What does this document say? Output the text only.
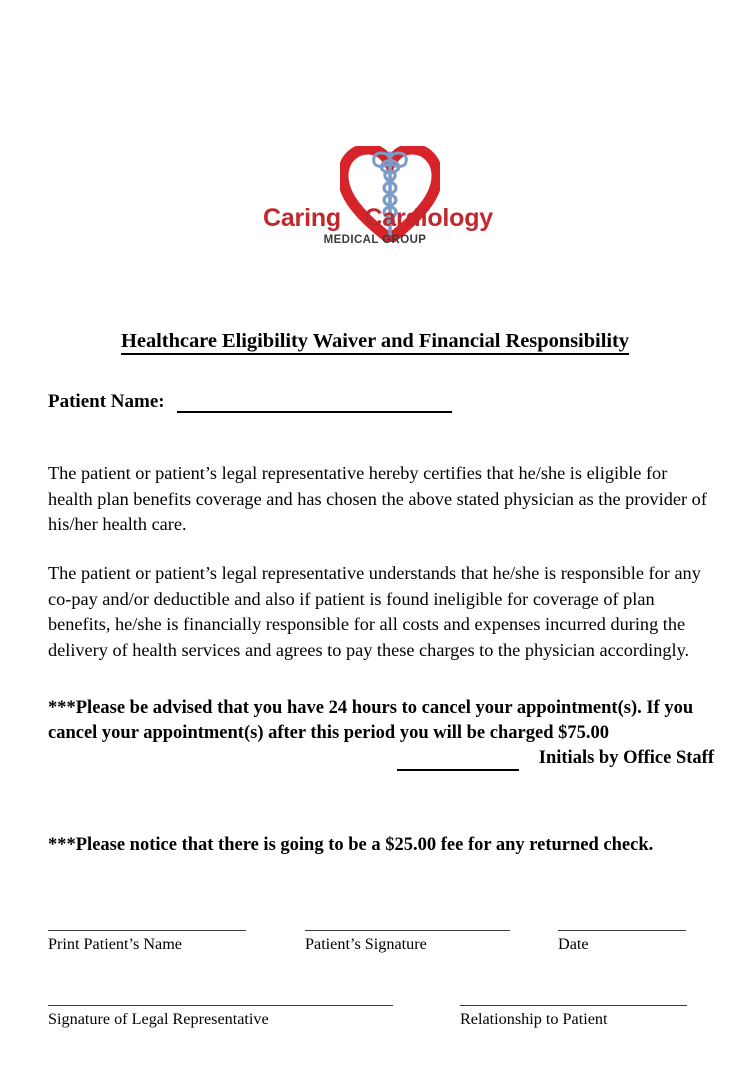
Caring Cardiology
MEDICAL GROUP
Healthcare Eligibility Waiver and Financial Responsibility
Patient Name:

The patient or patient’s legal representative hereby certifies that he/she is eligible for health plan benefits coverage and has chosen the above stated physician as the provider of his/her health care.

The patient or patient’s legal representative understands that he/she is responsible for any co-pay and/or deductible and also if patient is found ineligible for coverage of plan benefits, he/she is financially responsible for all costs and expenses incurred during the delivery of health services and agrees to pay these charges to the physician accordingly.

***Please be advised that you have 24 hours to cancel your appointment(s). If you cancel your appointment(s) after this period you will be charged $75.00

Initials by Office Staff

***Please notice that there is going to be a $25.00 fee for any returned check.

Print Patient’s Name	Patient’s Signature	Date
Signature of Legal Representative	Relationship to Patient
